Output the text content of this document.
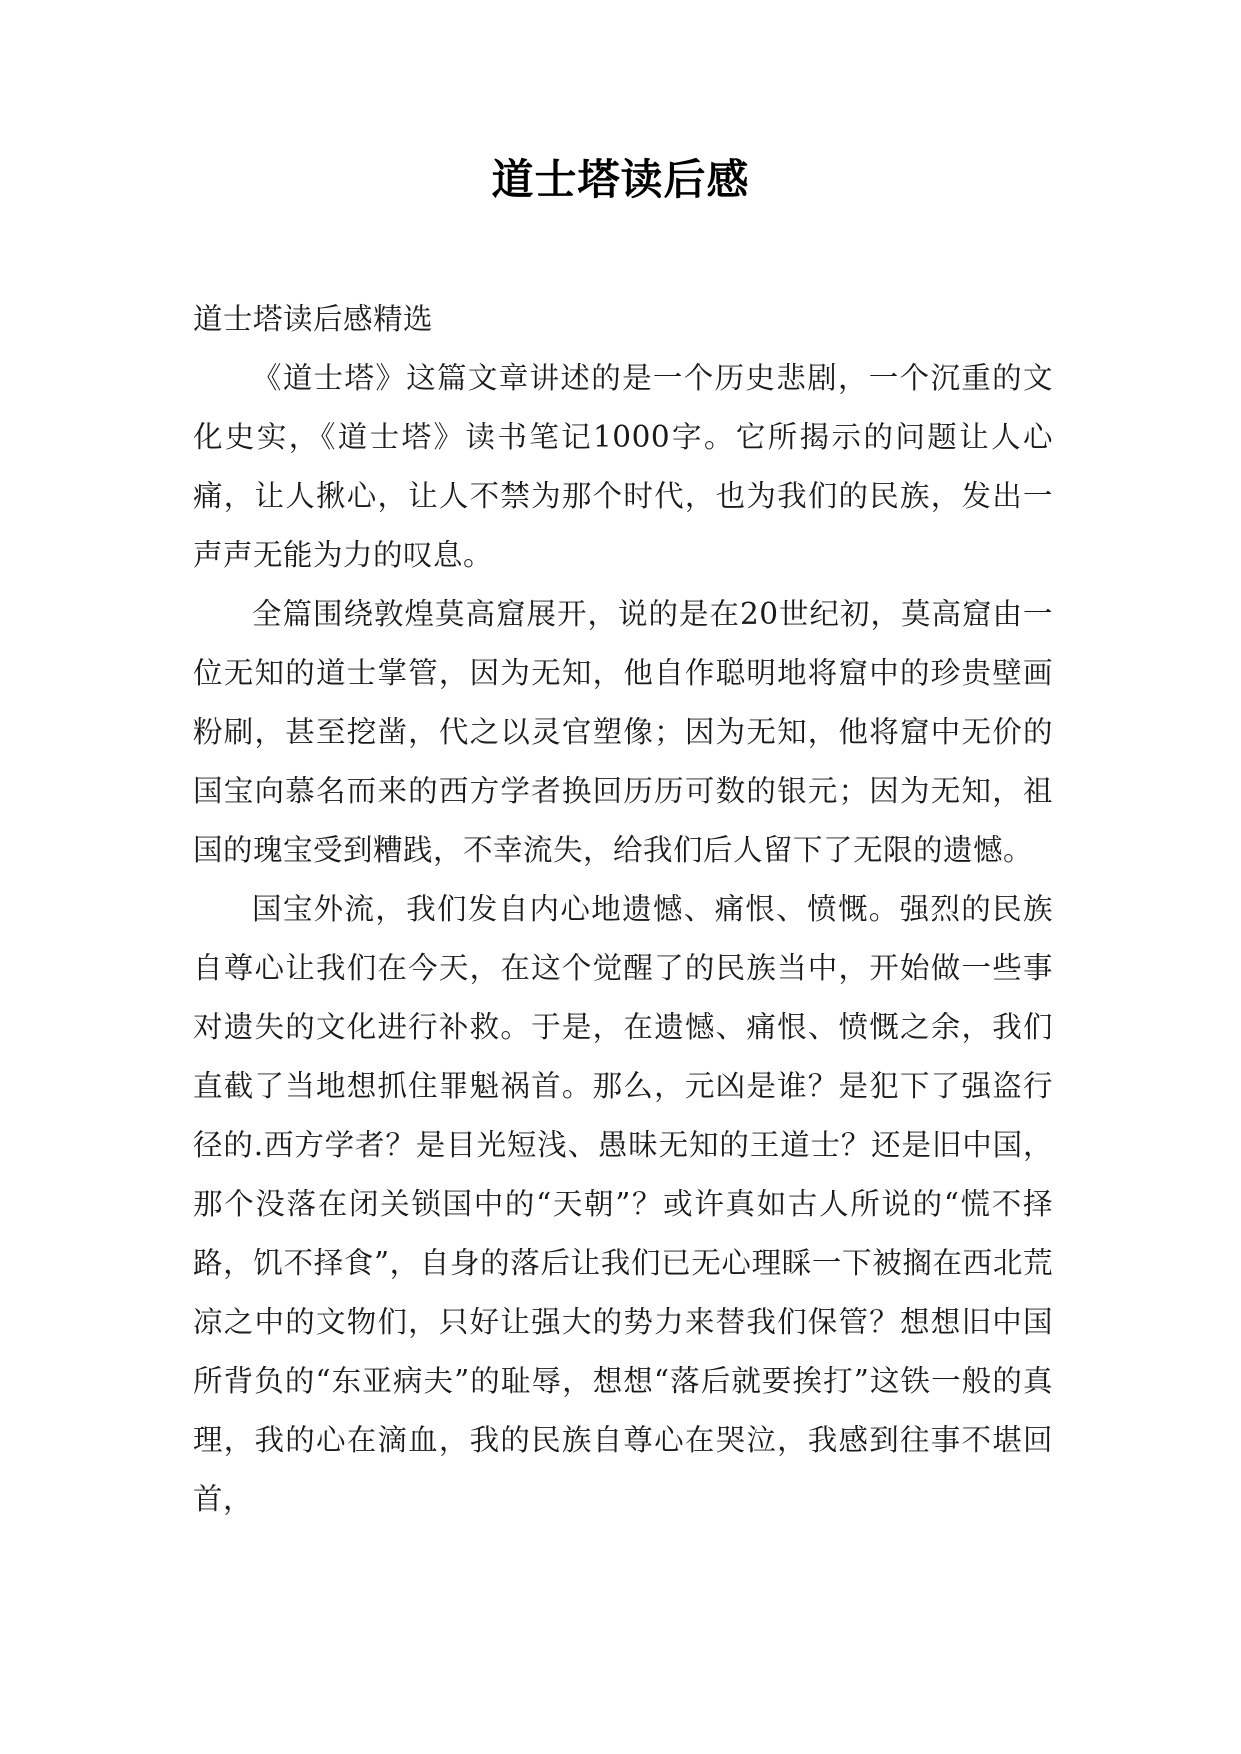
道士塔读后感

道士塔读后感精选

《道士塔》这篇文章讲述的是一个历史悲剧，一个沉重的文化史实，《道士塔》读书笔记1000字。它所揭示的问题让人心痛，让人揪心，让人不禁为那个时代，也为我们的民族，发出一声声无能为力的叹息。

全篇围绕敦煌莫高窟展开，说的是在20世纪初，莫高窟由一位无知的道士掌管，因为无知，他自作聪明地将窟中的珍贵壁画粉刷，甚至挖凿，代之以灵官塑像；因为无知，他将窟中无价的国宝向慕名而来的西方学者换回历历可数的银元；因为无知，祖国的瑰宝受到糟践，不幸流失，给我们后人留下了无限的遗憾。

国宝外流，我们发自内心地遗憾、痛恨、愤慨。强烈的民族自尊心让我们在今天，在这个觉醒了的民族当中，开始做一些事对遗失的文化进行补救。于是，在遗憾、痛恨、愤慨之余，我们直截了当地想抓住罪魁祸首。那么，元凶是谁？是犯下了强盗行径的.西方学者？是目光短浅、愚昧无知的王道士？还是旧中国，那个没落在闭关锁国中的“天朝”？或许真如古人所说的“慌不择路，饥不择食”，自身的落后让我们已无心理睬一下被搁在西北荒凉之中的文物们，只好让强大的势力来替我们保管？想想旧中国所背负的“东亚病夫”的耻辱，想想“落后就要挨打”这铁一般的真理，我的心在滴血，我的民族自尊心在哭泣，我感到往事不堪回首，
